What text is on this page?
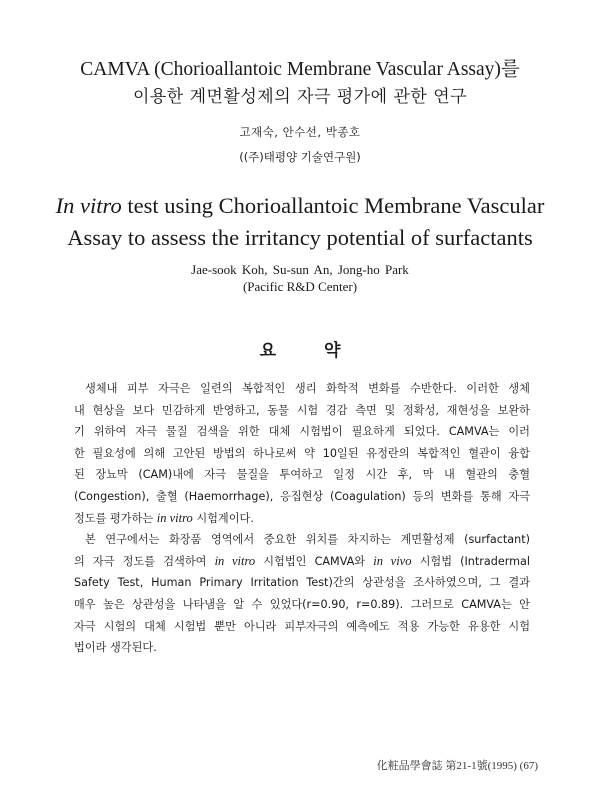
CAMVA (Chorioallantoic Membrane Vascular Assay)를
이용한 계면활성제의 자극 평가에 관한 연구
고재숙, 안수선, 박종호
((주)태평양 기술연구원)
In vitro test using Chorioallantoic Membrane Vascular
Assay to assess the irritancy potential of surfactants
Jae-sook Koh, Su-sun An, Jong-ho Park
(Pacific R&D Center)
요	약
생체내 피부 자극은 일련의 복합적인 생리 화학적 변화를 수반한다. 이러한 생체
내 현상을 보다 민감하게 반영하고, 동물 시험 경감 측면 및 정확성, 재현성을 보완하
기 위하여 자극 물질 검색을 위한 대체 시험법이 필요하게 되었다. CAMVA는 이러
한 필요성에 의해 고안된 방법의 하나로써 약 10일된 유정란의 복합적인 혈관이 융합
된 장뇨막 (CAM)내에 자극 물질을 투여하고 일정 시간 후, 막 내 혈관의 충혈
(Congestion), 출혈 (Haemorrhage), 응집현상 (Coagulation) 등의 변화를 통해 자극
정도를 평가하는 in vitro 시험계이다.
본 연구에서는 화장품 영역에서 중요한 위치를 차지하는 계면활성제 (surfactant)
의 자극 정도를 검색하여 in vitro 시험법인 CAMVA와 in vivo 시험법 (Intradermal
Safety Test, Human Primary Irritation Test)간의 상관성을 조사하였으며, 그 결과
매우 높은 상관성을 나타냄을 알 수 있었다(r=0.90, r=0.89). 그러므로 CAMVA는 안
자극 시험의 대체 시험법 뿐만 아니라 피부자극의 예측에도 적용 가능한 유용한 시험
법이라 생각된다.
化粧品學會誌 第21-1號(1995) (67)
